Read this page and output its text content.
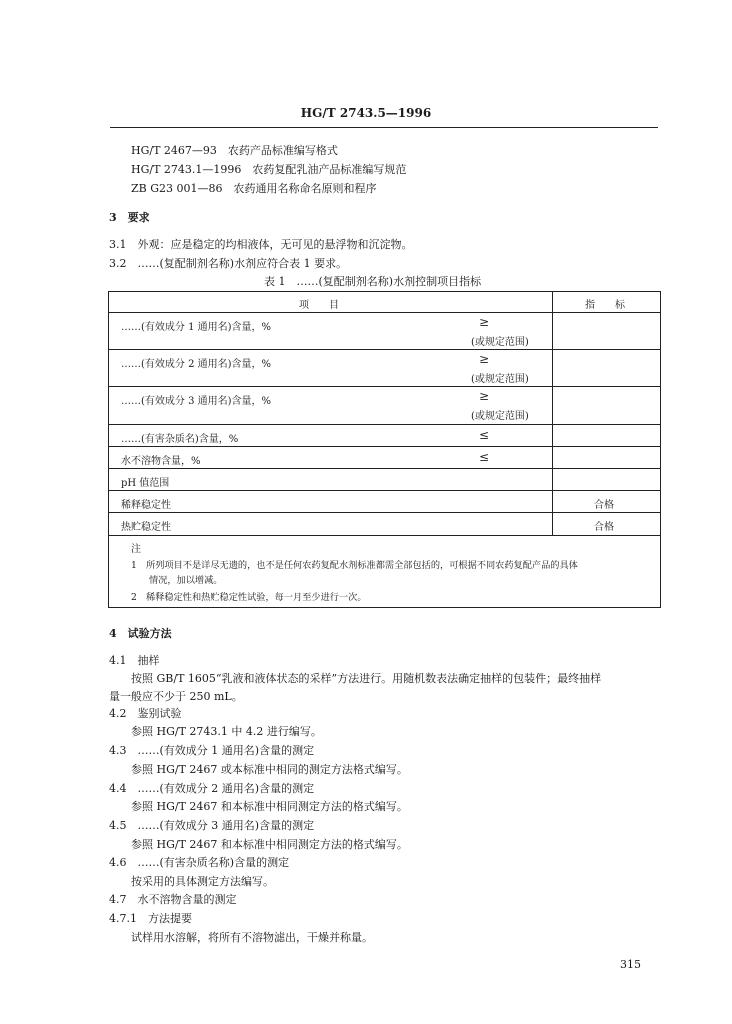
HG/T 2743.5—1996
HG/T 2467—93　农药产品标准编写格式
HG/T 2743.1—1996　农药复配乳油产品标准编写规范
ZB G23 001—86　农药通用名称命名原则和程序
3　要求
3.1　外观：应是稳定的均相液体，无可见的悬浮物和沉淀物。
3.2　……(复配制剂名称)水剂应符合表 1 要求。
表 1　……(复配制剂名称)水剂控制项目指标
项　　目	指　　标
……(有效成分 1 通用名)含量，%	≥
(或规定范围)
……(有效成分 2 通用名)含量，%	≥
(或规定范围)
……(有效成分 3 通用名)含量，%	≥
(或规定范围)
……(有害杂质名)含量，%	≤
水不溶物含量，%	≤
pH 值范围
稀释稳定性	合格
热贮稳定性	合格
注
1　所列项目不是详尽无遗的，也不是任何农药复配水剂标准都需全部包括的，可根据不同农药复配产品的具体
情况，加以增减。
2　稀释稳定性和热贮稳定性试验，每一月至少进行一次。
4　试验方法
4.1　抽样
按照 GB/T 1605“乳液和液体状态的采样”方法进行。用随机数表法确定抽样的包装件；最终抽样
量一般应不少于 250 mL。
4.2　鉴别试验
参照 HG/T 2743.1 中 4.2 进行编写。
4.3　……(有效成分 1 通用名)含量的测定
参照 HG/T 2467 或本标准中相同的测定方法格式编写。
4.4　……(有效成分 2 通用名)含量的测定
参照 HG/T 2467 和本标准中相同测定方法的格式编写。
4.5　……(有效成分 3 通用名)含量的测定
参照 HG/T 2467 和本标准中相同测定方法的格式编写。
4.6　……(有害杂质名称)含量的测定
按采用的具体测定方法编写。
4.7　水不溶物含量的测定
4.7.1　方法提要
试样用水溶解，将所有不溶物滤出，干燥并称量。
315
